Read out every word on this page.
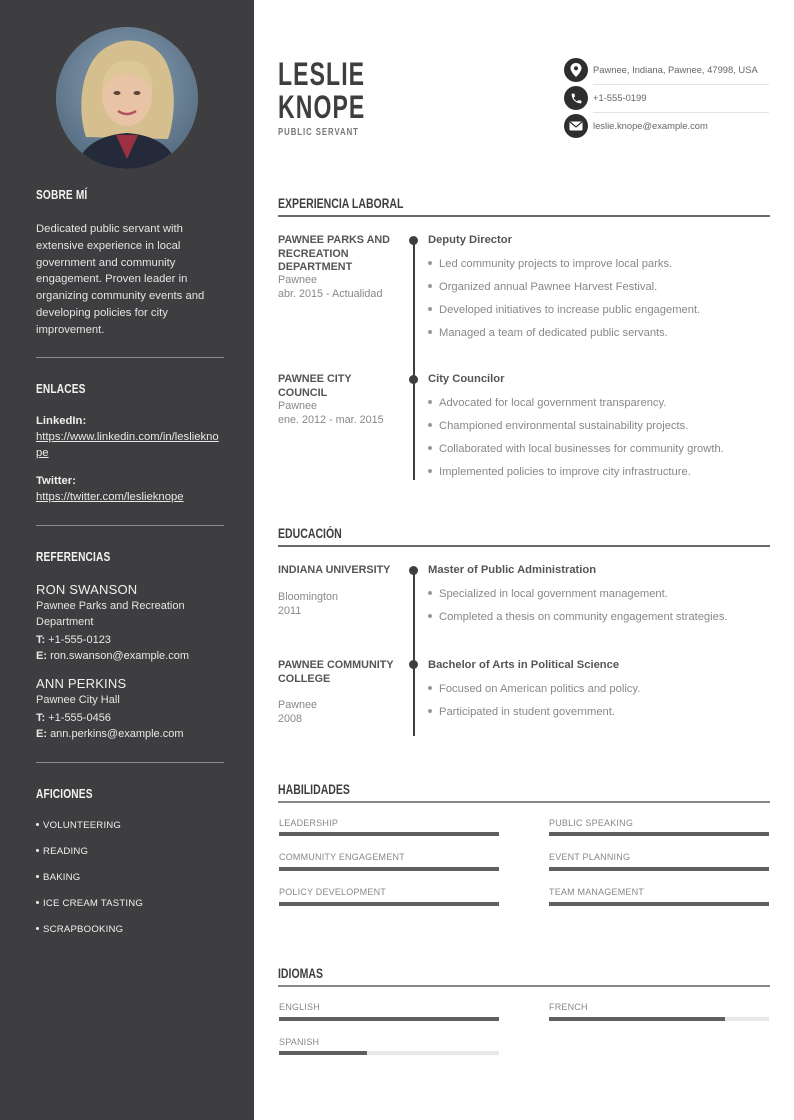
SOBRE MÍ

Dedicated public servant with extensive experience in local government and community engagement. Proven leader in organizing community events and developing policies for city improvement.

ENLACES
LinkedIn:
https://www.linkedin.com/in/leslieknope
Twitter:
https://twitter.com/leslieknope
REFERENCIAS
RON SWANSON
Pawnee Parks and Recreation Department
T: +1-555-0123
E: ron.swanson@example.com
ANN PERKINS
Pawnee City Hall
T: +1-555-0456
E: ann.perkins@example.com
AFICIONES
VOLUNTEERING
READING
BAKING
ICE CREAM TASTING
SCRAPBOOKING
LESLIE
KNOPE
PUBLIC SERVANT
Pawnee, Indiana, Pawnee, 47998, USA
+1-555-0199
leslie.knope@example.com
EXPERIENCIA LABORAL
PAWNEE PARKS AND RECREATION DEPARTMENT
Pawnee
abr. 2015 - Actualidad
Deputy Director
Led community projects to improve local parks.
Organized annual Pawnee Harvest Festival.
Developed initiatives to increase public engagement.
Managed a team of dedicated public servants.
PAWNEE CITY COUNCIL
Pawnee
ene. 2012 - mar. 2015
City Councilor
Advocated for local government transparency.
Championed environmental sustainability projects.
Collaborated with local businesses for community growth.
Implemented policies to improve city infrastructure.
EDUCACIÓN
INDIANA UNIVERSITY
Bloomington
2011
Master of Public Administration
Specialized in local government management.
Completed a thesis on community engagement strategies.
PAWNEE COMMUNITY COLLEGE
Pawnee
2008
Bachelor of Arts in Political Science
Focused on American politics and policy.
Participated in student government.
HABILIDADES
LEADERSHIP	PUBLIC SPEAKING
COMMUNITY ENGAGEMENT	EVENT PLANNING
POLICY DEVELOPMENT	TEAM MANAGEMENT
IDIOMAS
ENGLISH	FRENCH
SPANISH
